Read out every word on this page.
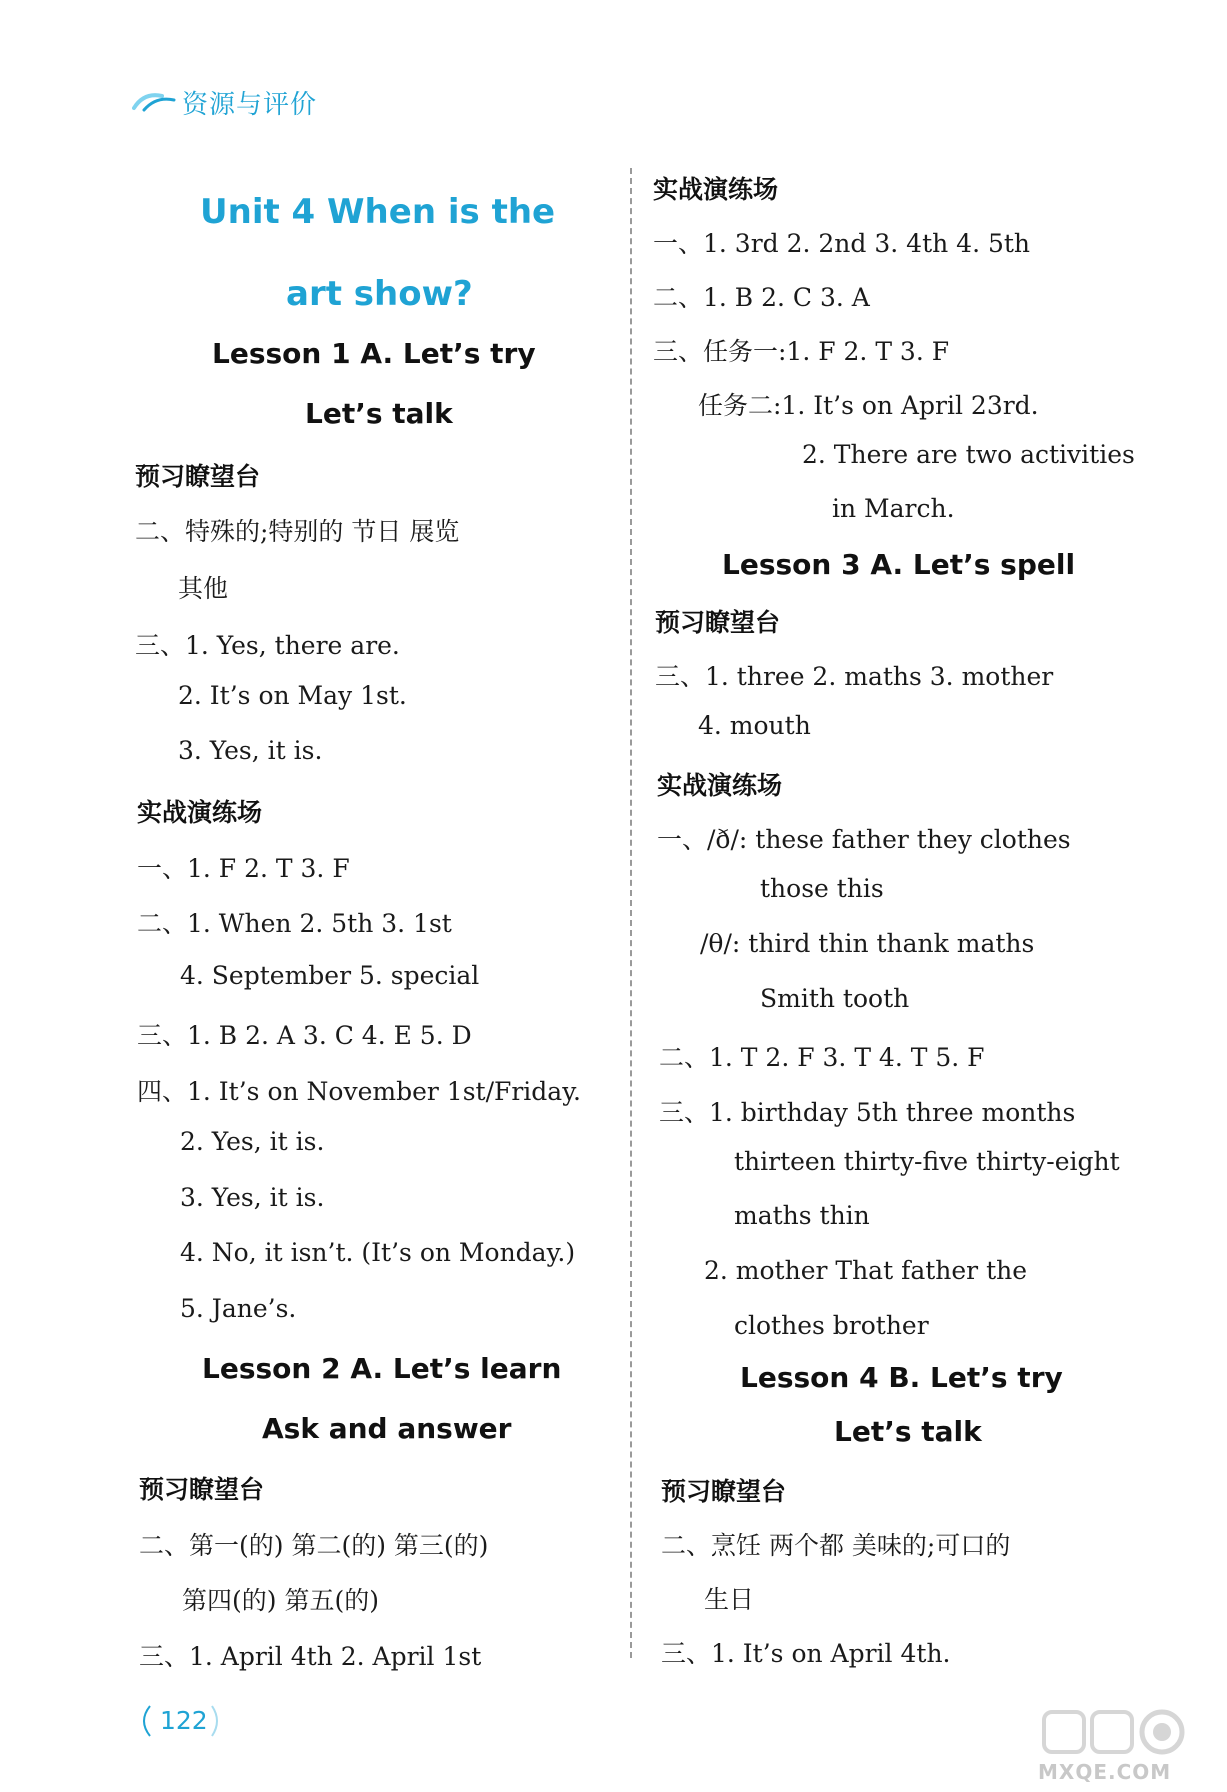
资源与评价
Unit 4 When is the
art show?
Lesson 1 A. Let’s try
Let’s talk
预习瞭望台
二、特殊的;特别的 节日 展览
其他
三、1. Yes, there are.
2. It’s on May 1st.
3. Yes, it is.
实战演练场
一、1. F 2. T 3. F
二、1. When 2. 5th 3. 1st
4. September 5. special
三、1. B 2. A 3. C 4. E 5. D
四、1. It’s on November 1st/Friday.
2. Yes, it is.
3. Yes, it is.
4. No, it isn’t. (It’s on Monday.)
5. Jane’s.
Lesson 2 A. Let’s learn
Ask and answer
预习瞭望台
二、第一(的) 第二(的) 第三(的)
第四(的) 第五(的)
三、1. April 4th 2. April 1st
实战演练场
一、1. 3rd 2. 2nd 3. 4th 4. 5th
二、1. B 2. C 3. A
三、任务一:1. F 2. T 3. F
任务二:1. It’s on April 23rd.
2. There are two activities
in March.
Lesson 3 A. Let’s spell
预习瞭望台
三、1. three 2. maths 3. mother
4. mouth
实战演练场
一、/ð/: these father they clothes
those this
/θ/: third thin thank maths
Smith tooth
二、1. T 2. F 3. T 4. T 5. F
三、1. birthday 5th three months
thirteen thirty-five thirty-eight
maths thin
2. mother That father the
clothes brother
Lesson 4 B. Let’s try
Let’s talk
预习瞭望台
二、烹饪 两个都 美味的;可口的
生日
三、1. It’s on April 4th.
122
MXQE.COM
